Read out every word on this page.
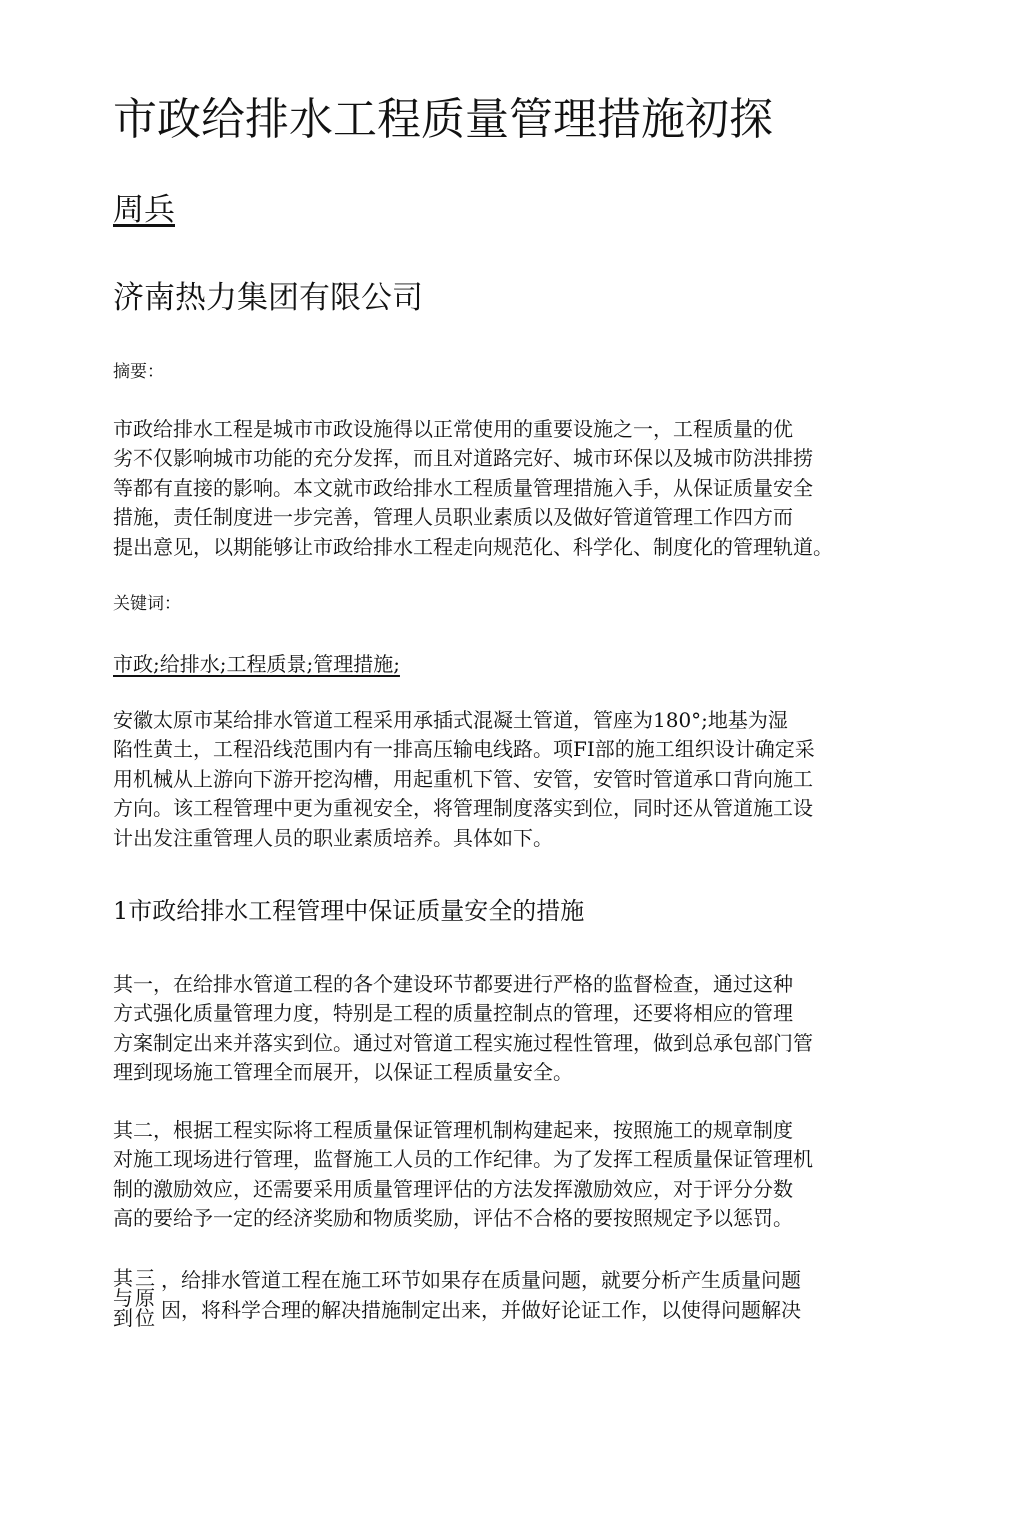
市政给排水工程质量管理措施初探
周兵
济南热力集团有限公司
摘要：
市政给排水工程是城市市政设施得以正常使用的重要设施之一，工程质量的优
劣不仅影响城市功能的充分发挥，而且对道路完好、城市环保以及城市防洪排捞
等都有直接的影响。本文就市政给排水工程质量管理措施入手，从保证质量安全
措施，责任制度进一步完善，管理人员职业素质以及做好管道管理工作四方而
提出意见，以期能够让市政给排水工程走向规范化、科学化、制度化的管理轨道。
关键词：
市政;给排水;工程质景;管理措施;
安徽太原市某给排水管道工程采用承插式混凝土管道，管座为180°;地基为湿
陷性黄土，工程沿线范围内有一排高压输电线路。项FI部的施工组织设计确定采
用机械从上游向下游开挖沟槽，用起重机下管、安管，安管时管道承口背向施工
方向。该工程管理中更为重视安全，将管理制度落实到位，同时还从管道施工设
计出发注重管理人员的职业素质培养。具体如下。
1市政给排水工程管理中保证质量安全的措施
其一，在给排水管道工程的各个建设环节都要进行严格的监督检查，通过这种
方式强化质量管理力度，特别是工程的质量控制点的管理，还要将相应的管理
方案制定出来并落实到位。通过对管道工程实施过程性管理，做到总承包部门管
理到现场施工管理全而展开，以保证工程质量安全。
其二，根据工程实际将工程质量保证管理机制构建起来，按照施工的规章制度
对施工现场进行管理，监督施工人员的工作纪律。为了发挥工程质量保证管理机
制的激励效应，还需要采用质量管理评估的方法发挥激励效应，对于评分分数
高的要给予一定的经济奖励和物质奖励，评估不合格的要按照规定予以惩罚。
其
与
到
三
原
位
，给排水管道工程在施工环节如果存在质量问题，就要分析产生质量问题
因，将科学合理的解决措施制定出来，并做好论证工作，以使得问题解决
